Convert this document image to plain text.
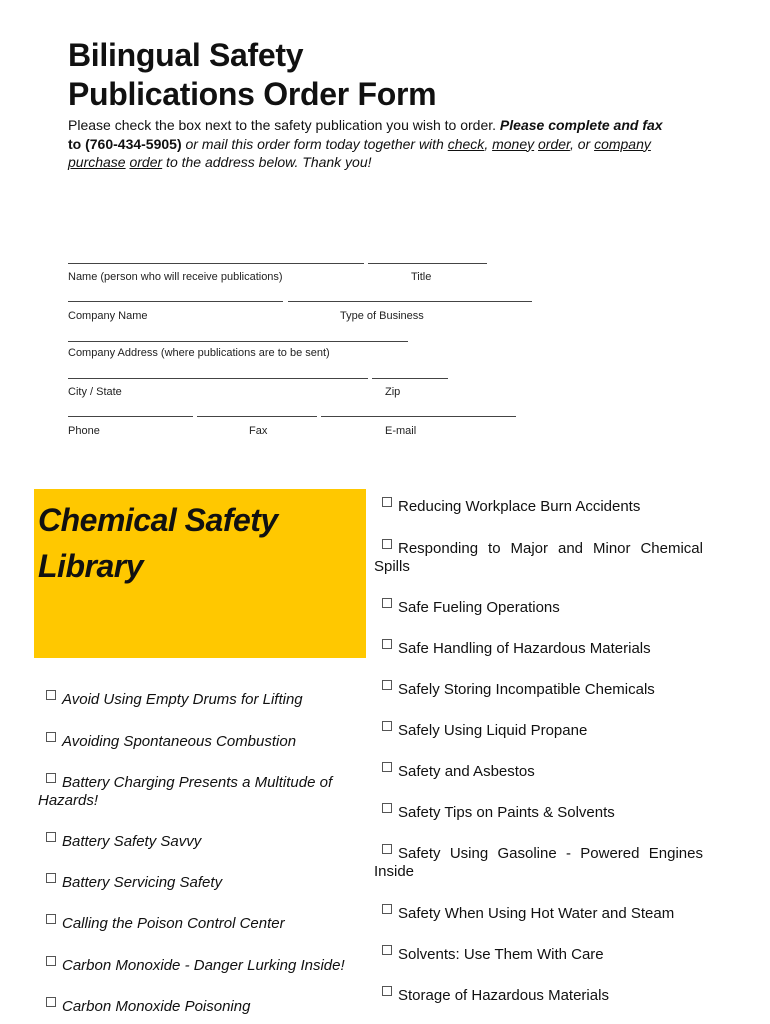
Bilingual Safety
Publications Order Form
Please check the box next to the safety publication you wish to order. Please complete and fax
to (760-434-5905) or mail this order form today together with check, money order, or company
purchase order to the address below. Thank you!
Name (person who will receive publications)	Title
Company Name	Type of Business
Company Address (where publications are to be sent)
City / State	Zip
Phone	Fax	E-mail
Chemical Safety
Library
Avoid Using Empty Drums for Lifting
Avoiding Spontaneous Combustion
Battery Charging Presents a Multitude of Hazards!
Battery Safety Savvy
Battery Servicing Safety
Calling the Poison Control Center
Carbon Monoxide - Danger Lurking Inside!
Carbon Monoxide Poisoning
Reducing Workplace Burn Accidents
Responding to Major and Minor Chemical Spills
Safe Fueling Operations
Safe Handling of Hazardous Materials
Safely Storing Incompatible Chemicals
Safely Using Liquid Propane
Safety and Asbestos
Safety Tips on Paints & Solvents
Safety Using Gasoline - Powered Engines Inside
Safety When Using Hot Water and Steam
Solvents: Use Them With Care
Storage of Hazardous Materials
